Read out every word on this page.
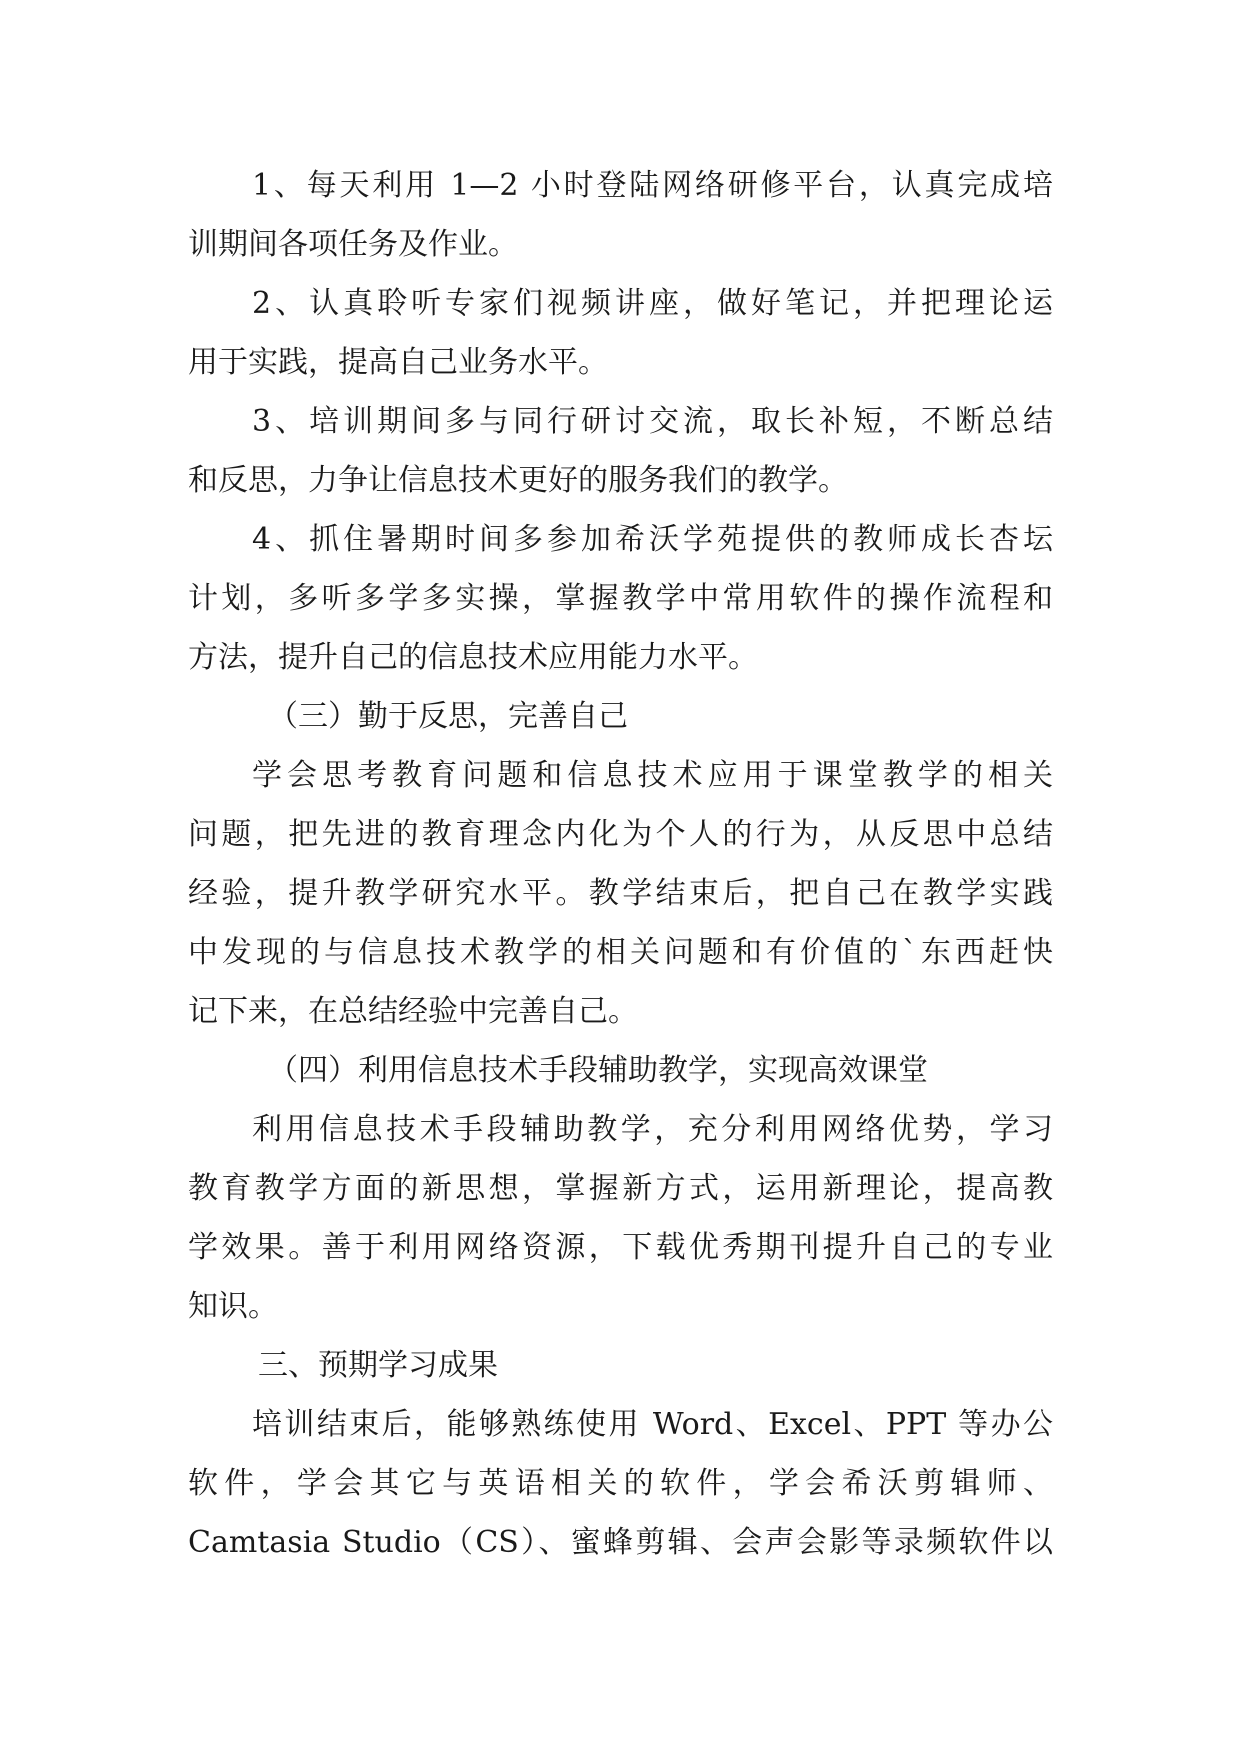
1、每天利用 1—2 小时登陆网络研修平台，认真完成培
训期间各项任务及作业。
2、认真聆听专家们视频讲座，做好笔记，并把理论运
用于实践，提高自己业务水平。
3、培训期间多与同行研讨交流，取长补短，不断总结
和反思，力争让信息技术更好的服务我们的教学。
4、抓住暑期时间多参加希沃学苑提供的教师成长杏坛
计划，多听多学多实操，掌握教学中常用软件的操作流程和
方法，提升自己的信息技术应用能力水平。
（三）勤于反思，完善自己
学会思考教育问题和信息技术应用于课堂教学的相关
问题，把先进的教育理念内化为个人的行为，从反思中总结
经验，提升教学研究水平。教学结束后，把自己在教学实践
中发现的与信息技术教学的相关问题和有价值的`东西赶快
记下来，在总结经验中完善自己。
（四）利用信息技术手段辅助教学，实现高效课堂
利用信息技术手段辅助教学，充分利用网络优势，学习
教育教学方面的新思想，掌握新方式，运用新理论，提高教
学效果。善于利用网络资源，下载优秀期刊提升自己的专业
知识。
三、预期学习成果
培训结束后，能够熟练使用 Word、Excel、PPT 等办公
软件，学会其它与英语相关的软件，学会希沃剪辑师、
Camtasia Studio（CS）、蜜蜂剪辑、会声会影等录频软件以
